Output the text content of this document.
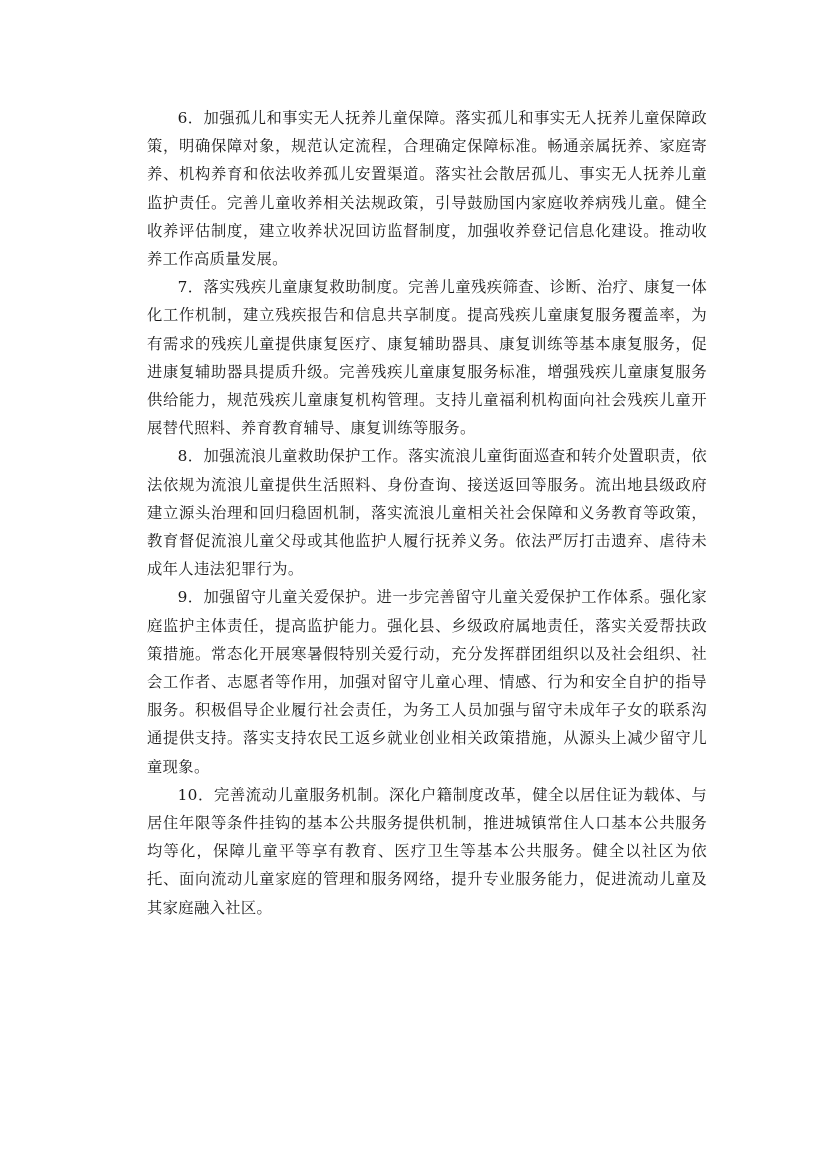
6．加强孤儿和事实无人抚养儿童保障。落实孤儿和事实无人抚养儿童保障政策，明确保障对象，规范认定流程，合理确定保障标准。畅通亲属抚养、家庭寄养、机构养育和依法收养孤儿安置渠道。落实社会散居孤儿、事实无人抚养儿童监护责任。完善儿童收养相关法规政策，引导鼓励国内家庭收养病残儿童。健全收养评估制度，建立收养状况回访监督制度，加强收养登记信息化建设。推动收养工作高质量发展。

7．落实残疾儿童康复救助制度。完善儿童残疾筛查、诊断、治疗、康复一体化工作机制，建立残疾报告和信息共享制度。提高残疾儿童康复服务覆盖率，为有需求的残疾儿童提供康复医疗、康复辅助器具、康复训练等基本康复服务，促进康复辅助器具提质升级。完善残疾儿童康复服务标准，增强残疾儿童康复服务供给能力，规范残疾儿童康复机构管理。支持儿童福利机构面向社会残疾儿童开展替代照料、养育教育辅导、康复训练等服务。

8．加强流浪儿童救助保护工作。落实流浪儿童街面巡查和转介处置职责，依法依规为流浪儿童提供生活照料、身份查询、接送返回等服务。流出地县级政府建立源头治理和回归稳固机制，落实流浪儿童相关社会保障和义务教育等政策，教育督促流浪儿童父母或其他监护人履行抚养义务。依法严厉打击遗弃、虐待未成年人违法犯罪行为。

9．加强留守儿童关爱保护。进一步完善留守儿童关爱保护工作体系。强化家庭监护主体责任，提高监护能力。强化县、乡级政府属地责任，落实关爱帮扶政策措施。常态化开展寒暑假特别关爱行动，充分发挥群团组织以及社会组织、社会工作者、志愿者等作用，加强对留守儿童心理、情感、行为和安全自护的指导服务。积极倡导企业履行社会责任，为务工人员加强与留守未成年子女的联系沟通提供支持。落实支持农民工返乡就业创业相关政策措施，从源头上减少留守儿童现象。

10．完善流动儿童服务机制。深化户籍制度改革，健全以居住证为载体、与居住年限等条件挂钩的基本公共服务提供机制，推进城镇常住人口基本公共服务均等化，保障儿童平等享有教育、医疗卫生等基本公共服务。健全以社区为依托、面向流动儿童家庭的管理和服务网络，提升专业服务能力，促进流动儿童及其家庭融入社区。
